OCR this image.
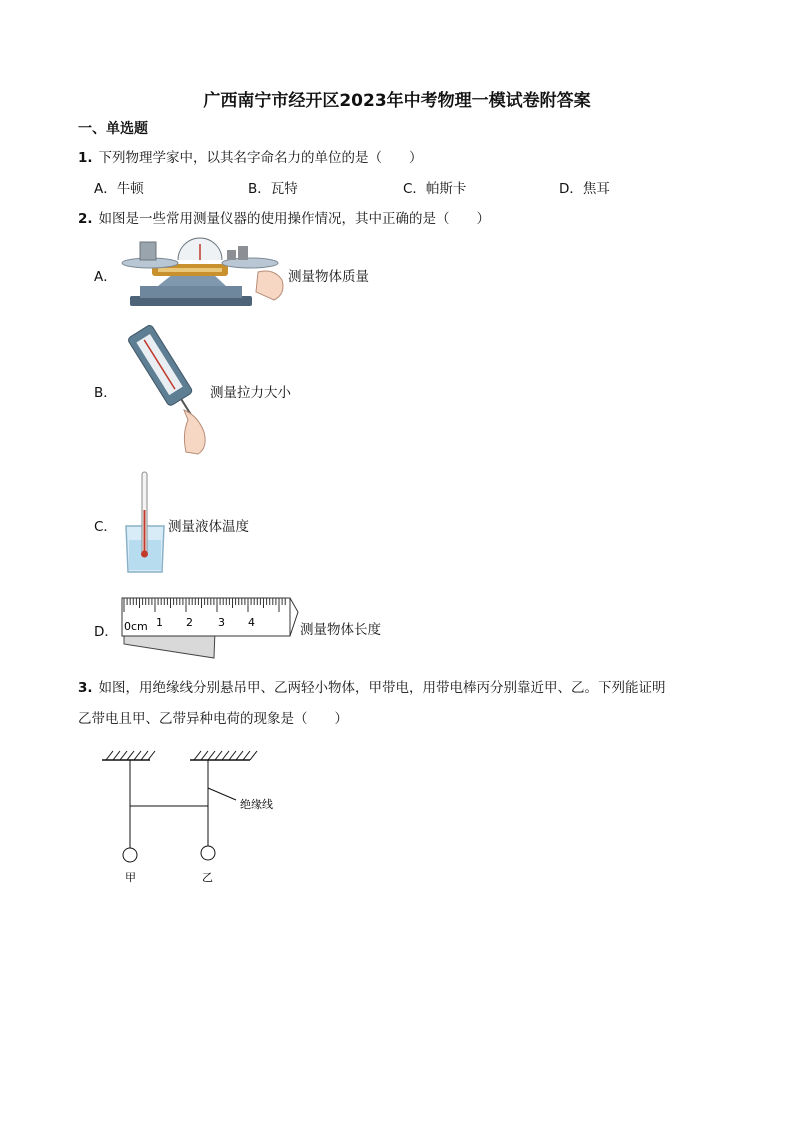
广西南宁市经开区2023年中考物理一模试卷附答案
一、单选题
1. 下列物理学家中，以其名字命名力的单位的是（　　）
A．牛顿	B．瓦特	C．帕斯卡	D．焦耳
2. 如图是一些常用测量仪器的使用操作情况，其中正确的是（　　）
A．	测量物体质量
B．	测量拉力大小
C．	测量液体温度
D． 0cm 1 2 3 4	测量物体长度
3. 如图，用绝缘线分别悬吊甲、乙两轻小物体，甲带电，用带电棒丙分别靠近甲、乙。下列能证明
乙带电且甲、乙带异种电荷的现象是（　　）
绝缘线
甲	乙
